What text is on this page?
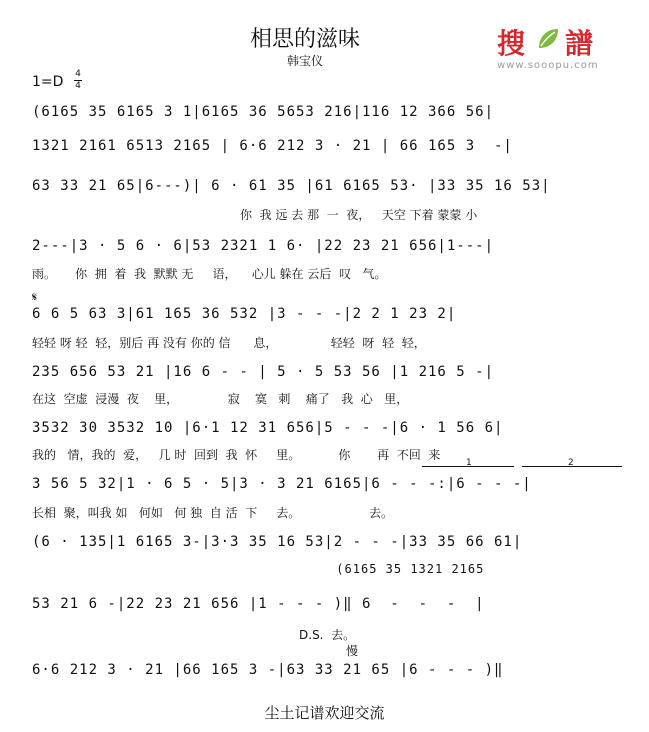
相思的滋味
韩宝仪
搜 譜
www.sooopu.com
1=D 4
4
(6165 35 6165 3 1|6165 36 5653 216|116 12 366 56|
1321 2161 6513 2165 | 6·6 212 3 · 21 | 66 165 3  -|
63 33 21 65|6---)| 6 · 61 35 |61 6165 53· |33 35 16 53|
你  我 远 去 那  一  夜，   天空 下着 蒙蒙 小
2---|3 · 5 6 · 6|53 2321 1 6· |22 23 21 656|1---|
雨。     你  拥  着  我  默默 无     语，    心儿 躲在 云后  叹   气。
𝄋
6 6 5 63 3|61 165 36 532 |3 - - -|2 2 1 23 2|
轻轻 呀 轻  轻，别后 再 没有 你的 信      息，              轻轻  呀  轻  轻，
235 656 53 21 |16 6 - - | 5 · 5 53 56 |1 216 5 -|
在这  空虚  浸漫  夜    里，             寂    寞   刺    痛了   我  心   里，
3532 30 3532 10 |6·1 12 31 656|5 - - -|6 · 1 56 6|
我的   情，我的  爱，   几 时  回到  我  怀     里。          你       再  不回  来
1	2
3 56 5 32|1 · 6 5 · 5|3 · 3 21 6165|6 - - -:|6 - - -|
长相  聚，叫我 如   何如   何 独  自 活  下     去。                  去。
(6 · 135|1 6165 3-|3·3 35 16 53|2 - - -|33 35 66 61|
(6165 35 1321 2165
53 21 6 -|22 23 21 656 |1 - - - )‖ 6  -  -  -  |
D.S.  去。
慢
6·6 212 3 · 21 |66 165 3 -|63 33 21 65 |6 - - - )‖
尘土记谱欢迎交流
